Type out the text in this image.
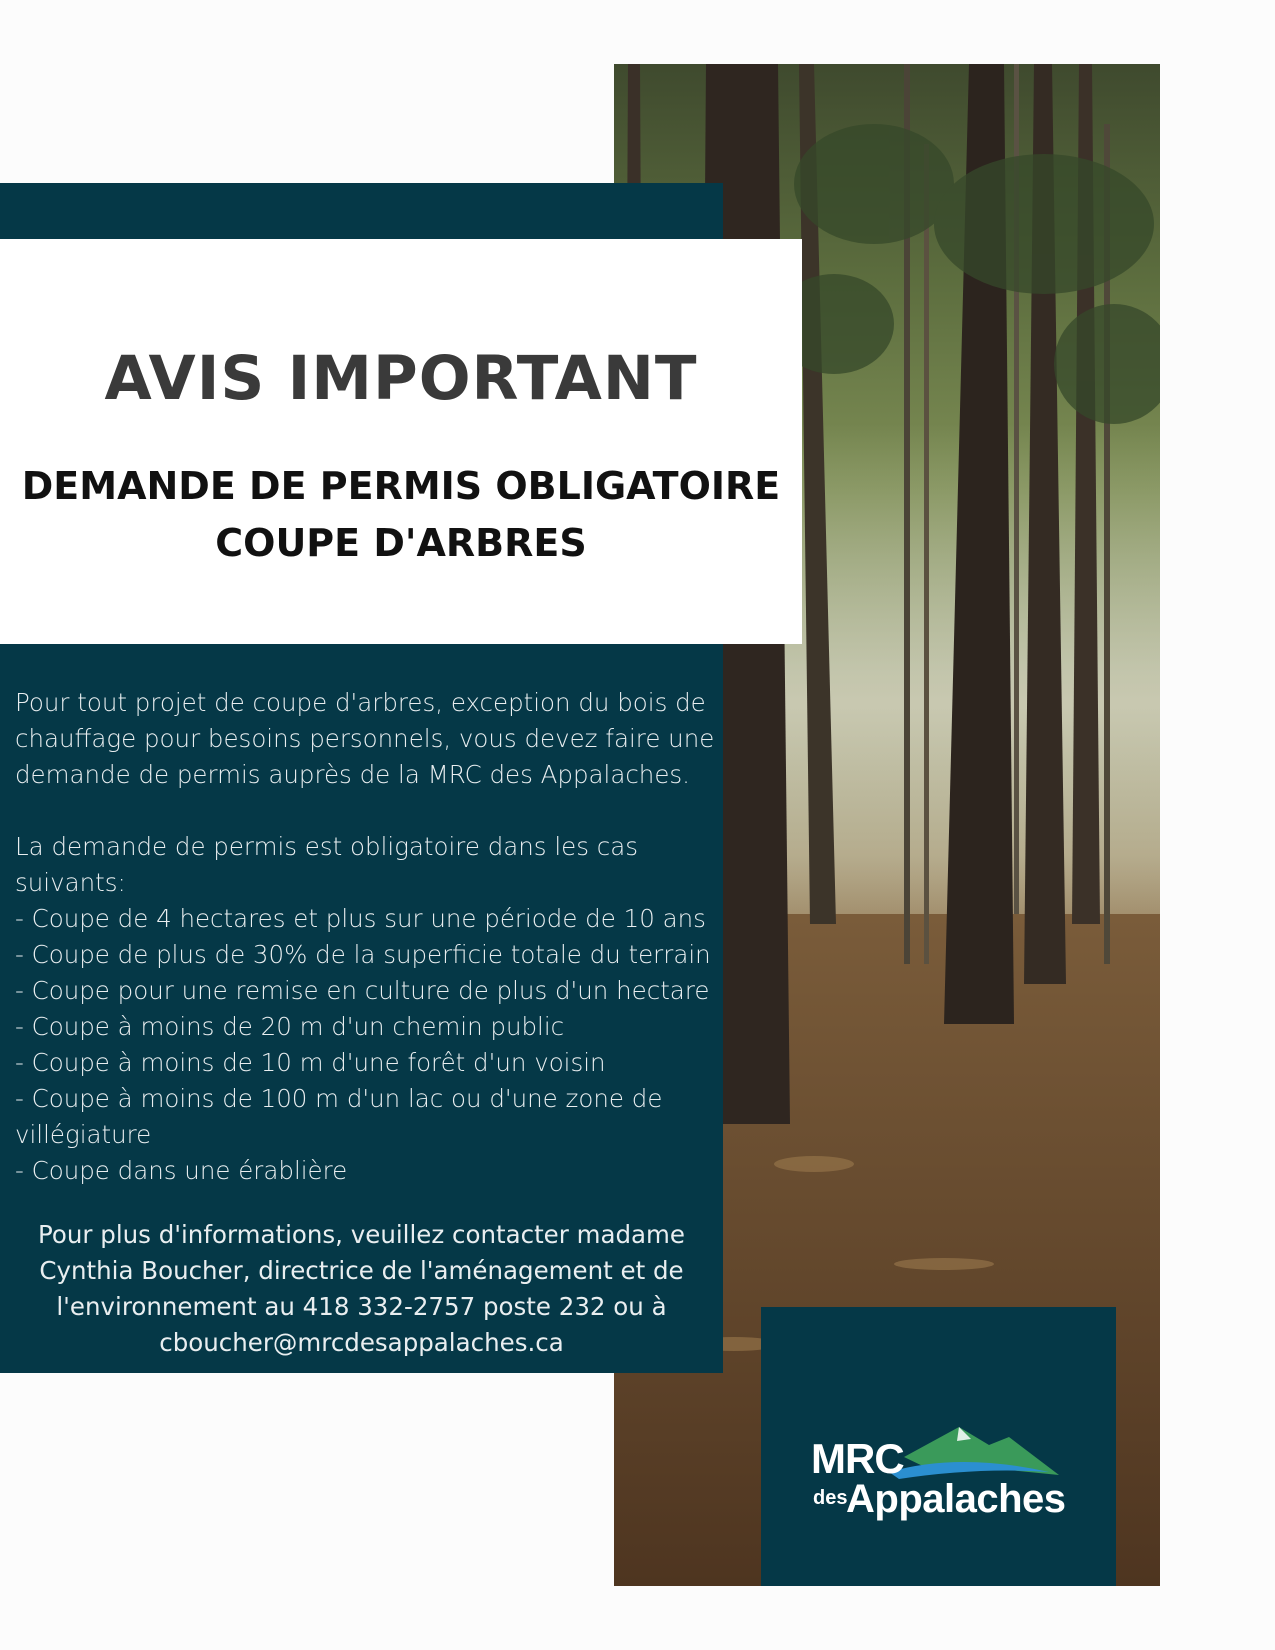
AVIS IMPORTANT
DEMANDE DE PERMIS OBLIGATOIRE
COUPE D'ARBRES

Pour tout projet de coupe d'arbres, exception du bois de

chauffage pour besoins personnels, vous devez faire une

demande de permis auprès de la MRC des Appalaches.

La demande de permis est obligatoire dans les cas suivants:

- Coupe de 4 hectares et plus sur une période de 10 ans

- Coupe de plus de 30% de la superficie totale du terrain

- Coupe pour une remise en culture de plus d'un hectare

- Coupe à moins de 20 m d'un chemin public

- Coupe à moins de 10 m d'une forêt d'un voisin

- Coupe à moins de 100 m d'un lac ou d'une zone de

villégiature

- Coupe dans une érablière

Pour plus d'informations, veuillez contacter madame
Cynthia Boucher, directrice de l'aménagement et de
l'environnement au 418 332-2757 poste 232 ou à
cboucher@mrcdesappalaches.ca
MRC
des
Appalaches
